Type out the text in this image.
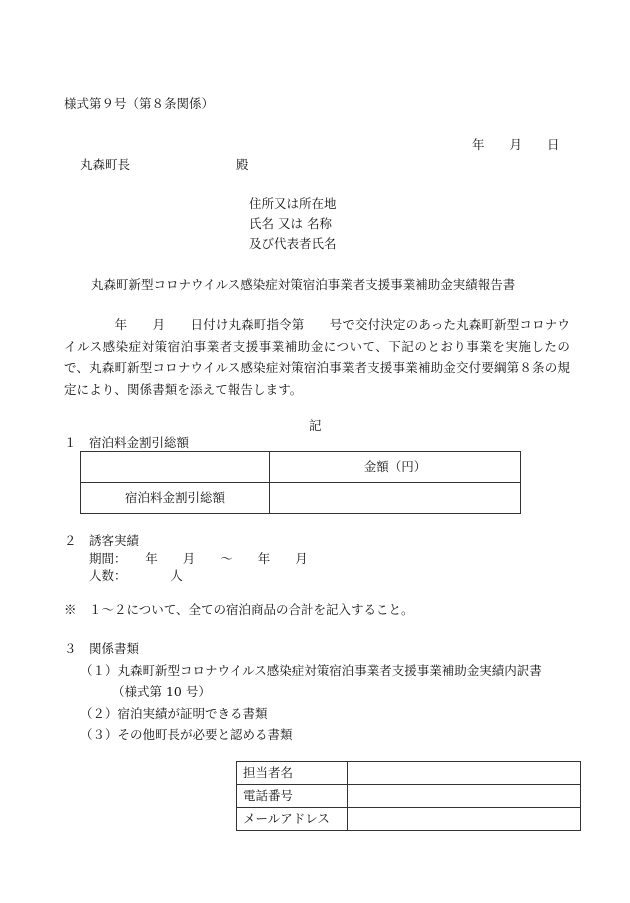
様式第９号（第８条関係）
年　　月　　日
丸森町長	殿
住所又は所在地
氏名 又は 名称
及び代表者氏名
丸森町新型コロナウイルス感染症対策宿泊事業者支援事業補助金実績報告書
　　　　年　　月　　日付け丸森町指令第　　号で交付決定のあった丸森町新型コロナウイルス感染症対策宿泊事業者支援事業補助金について、下記のとおり事業を実施したので、丸森町新型コロナウイルス感染症対策宿泊事業者支援事業補助金交付要綱第８条の規定により、関係書類を添えて報告します。
記
１　宿泊料金割引総額
	金額（円）
宿泊料金割引総額	
２　誘客実績
期間：　　年　　月　　～　　年　　月
人数：　　　　人
※　１～２について、全ての宿泊商品の合計を記入すること。
３　関係書類
（１）丸森町新型コロナウイルス感染症対策宿泊事業者支援事業補助金実績内訳書
（様式第 10 号）
（２）宿泊実績が証明できる書類
（３）その他町長が必要と認める書類
担当者名	
電話番号	
メールアドレス	
